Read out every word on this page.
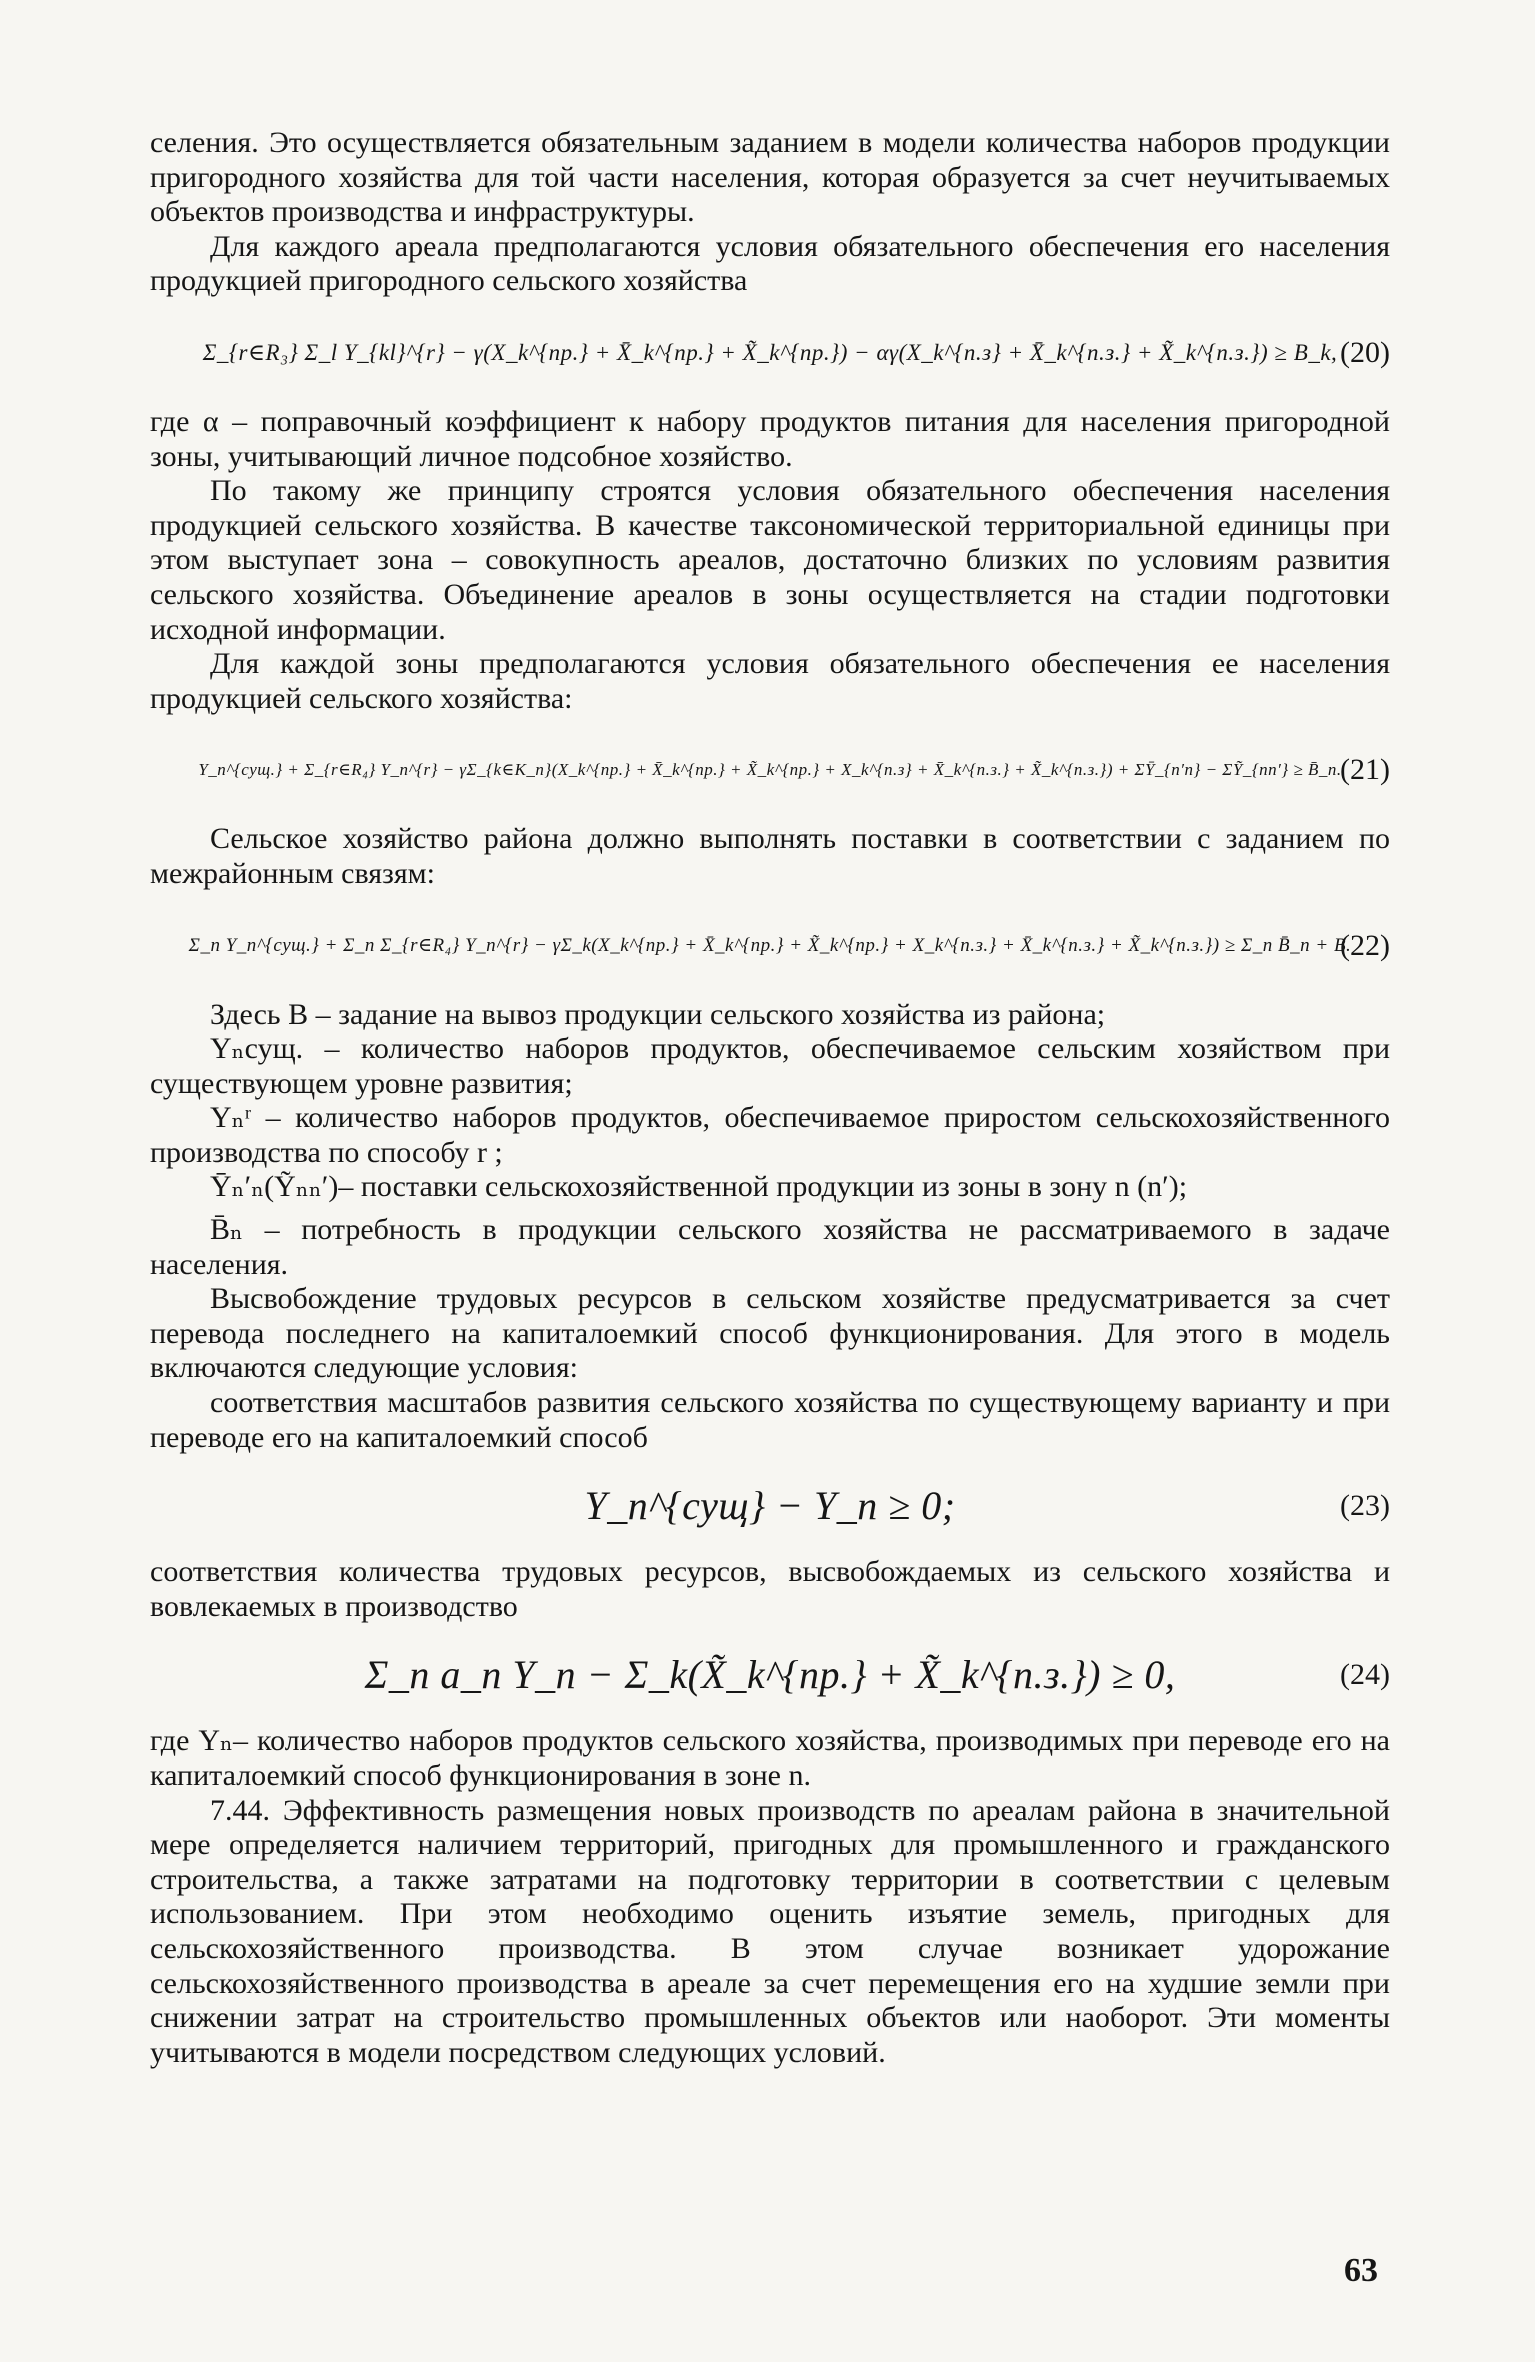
селения. Это осуществляется обязательным заданием в модели количества наборов продукции пригородного хозяйства для той части населения, которая образуется за счет неучитываемых объектов производства и инфраструктуры.

Для каждого ареала предполагаются условия обязательного обеспечения его населения продукцией пригородного сельского хозяйства

Σ_{r∈R₃} Σ_l Y_{kl}^{r} − γ(X_k^{пр.} + X̄_k^{пр.} + X̃_k^{пр.}) − αγ(X_k^{п.з} + X̄_k^{п.з.} + X̃_k^{п.з.}) ≥ B_k, (20)

где α – поправочный коэффициент к набору продуктов питания для населения пригородной зоны, учитывающий личное подсобное хозяйство.

По такому же принципу строятся условия обязательного обеспечения населения продукцией сельского хозяйства. В качестве таксономической территориальной единицы при этом выступает зона – совокупность ареалов, достаточно близких по условиям развития сельского хозяйства. Объединение ареалов в зоны осуществляется на стадии подготовки исходной информации.

Для каждой зоны предполагаются условия обязательного обеспечения ее населения продукцией сельского хозяйства:

Y_n^{сущ.} + Σ_{r∈R₄} Y_n^{r} − γΣ_{k∈K_n}(X_k^{пр.} + X̄_k^{пр.} + X̃_k^{пр.} + X_k^{п.з} + X̄_k^{п.з.} + X̃_k^{п.з.}) + ΣȲ_{n′n} − ΣỸ_{nn′} ≥ B̄_n.
(21)

Сельское хозяйство района должно выполнять поставки в соответствии с заданием по межрайонным связям:

Σ_n Y_n^{сущ.} + Σ_n Σ_{r∈R₄} Y_n^{r} − γΣ_k(X_k^{пр.} + X̄_k^{пр.} + X̃_k^{пр.} + X_k^{п.з.} + X̄_k^{п.з.} + X̃_k^{п.з.}) ≥ Σ_n B̄_n + B.
(22)

Здесь B – задание на вывоз продукции сельского хозяйства из района;

Yₙсущ. – количество наборов продуктов, обеспечиваемое сельским хозяйством при существующем уровне развития;

Yₙʳ – количество наборов продуктов, обеспечиваемое приростом сельскохозяйственного производства по способу r ;

Ȳₙ′ₙ(Ỹₙₙ′)– поставки сельскохозяйственной продукции из зоны в зону n (n′);

B̄ₙ – потребность в продукции сельского хозяйства не рассматриваемого в задаче населения.

Высвобождение трудовых ресурсов в сельском хозяйстве предусматривается за счет перевода последнего на капиталоемкий способ функционирования. Для этого в модель включаются следующие условия:

соответствия масштабов развития сельского хозяйства по существующему варианту и при переводе его на капиталоемкий способ

Y_n^{сущ} − Y_n ≥ 0;	(23)

соответствия количества трудовых ресурсов, высвобождаемых из сельского хозяйства и вовлекаемых в производство

Σ_n a_n Y_n − Σ_k(X̃_k^{пр.} + X̃_k^{п.з.}) ≥ 0,	(24)

где Yₙ– количество наборов продуктов сельского хозяйства, производимых при переводе его на капиталоемкий способ функционирования в зоне n.

7.44. Эффективность размещения новых производств по ареалам района в значительной мере определяется наличием территорий, пригодных для промышленного и гражданского строительства, а также затратами на подготовку территории в соответствии с целевым использованием. При этом необходимо оценить изъятие земель, пригодных для сельскохозяйственного производства. В этом случае возникает удорожание сельскохозяйственного производства в ареале за счет перемещения его на худшие земли при снижении затрат на строительство промышленных объектов или наоборот. Эти моменты учитываются в модели посредством следующих условий.

63
